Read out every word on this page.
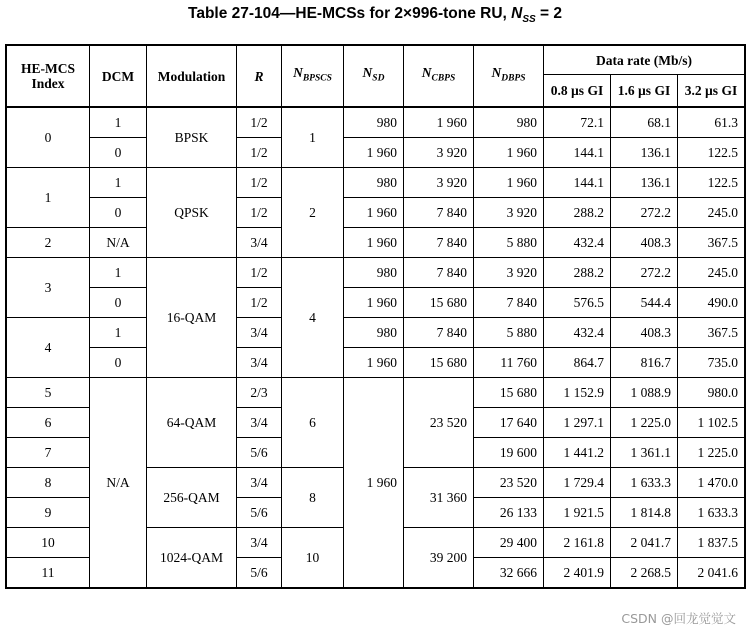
Table 27-104—HE-MCSs for 2×996-tone RU, $N_{SS} = 2$
HE-MCS Index	DCM	Modulation	R	$N_{BPSCS}$	$N_{SD}$	$N_{CBPS}$	$N_{DBPS}$	Data rate (Mb/s)		
								0.8 µs GI	1.6 µs GI	3.2 µs GI
0	1	BPSK	1/2	1	980	1 960	980	72.1	68.1	61.3
	0		1/2		1 960	3 920	1 960	144.1	136.1	122.5
1	1	QPSK	1/2	2	980	3 920	1 960	144.1	136.1	122.5
	0		1/2		1 960	7 840	3 920	288.2	272.2	245.0
2	N/A		3/4		1 960	7 840	5 880	432.4	408.3	367.5
3	1	16-QAM	1/2	4	980	7 840	3 920	288.2	272.2	245.0
	0		1/2		1 960	15 680	7 840	576.5	544.4	490.0
4	1		3/4		980	7 840	5 880	432.4	408.3	367.5
	0		3/4		1 960	15 680	11 760	864.7	816.7	735.0
5	N/A	64-QAM	2/3	6	1 960	23 520	15 680	1 152.9	1 088.9	980.0
6			3/4				17 640	1 297.1	1 225.0	1 102.5
7			5/6				19 600	1 441.2	1 361.1	1 225.0
8		256-QAM	3/4	8		31 360	23 520	1 729.4	1 633.3	1 470.0
9			5/6				26 133	1 921.5	1 814.8	1 633.3
10		1024-QAM	3/4	10		39 200	29 400	2 161.8	2 041.7	1 837.5
11			5/6				32 666	2 401.9	2 268.5	2 041.6
CSDN @回龙觉觉文
